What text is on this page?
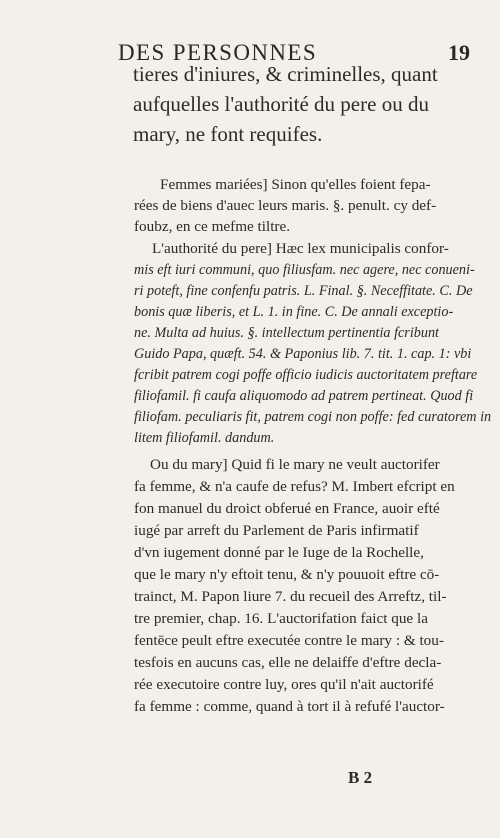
DES PERSONNES	19
tieres d'iniures, & criminelles, quant
aufquelles l'authorité du pere ou du
mary, ne font requifes.
Femmes mariées] Sinon qu'elles foient fepa-
rées de biens d'auec leurs maris. §. penult. cy def-
foubz, en ce mefme tiltre.
L'authorité du pere] Hæc lex municipalis confor-
mis eft iuri communi, quo filiusfam. nec agere, nec conueni-
ri poteft, fine confenfu patris. L. Final. §. Neceffitate. C. De
bonis quæ liberis, et L. 1. in fine. C. De annali exceptio-
ne. Multa ad huius. §. intellectum pertinentia fcribunt
Guido Papa, quæft. 54. & Paponius lib. 7. tit. 1. cap. 1: vbi
fcribit patrem cogi poffe officio iudicis auctoritatem preftare
filiofamil. fi caufa aliquomodo ad patrem pertineat. Quod fi
filiofam. peculiaris fit, patrem cogi non poffe: fed curatorem in
litem filiofamil. dandum.
Ou du mary] Quid fi le mary ne veult auctorifer
fa femme, & n'a caufe de refus? M. Imbert efcript en
fon manuel du droict obferué en France, auoir efté
iugé par arreft du Parlement de Paris infirmatif
d'vn iugement donné par le Iuge de la Rochelle,
que le mary n'y eftoit tenu, & n'y pouuoit eftre cō-
trainct, M. Papon liure 7. du recueil des Arreftz, til-
tre premier, chap. 16. L'auctorifation faict que la
fentēce peult eftre executée contre le mary : & tou-
tesfois en aucuns cas, elle ne delaiffe d'eftre decla-
rée executoire contre luy, ores qu'il n'ait auctorifé
fa femme : comme, quand à tort il à refufé l'auctor-
B 2
